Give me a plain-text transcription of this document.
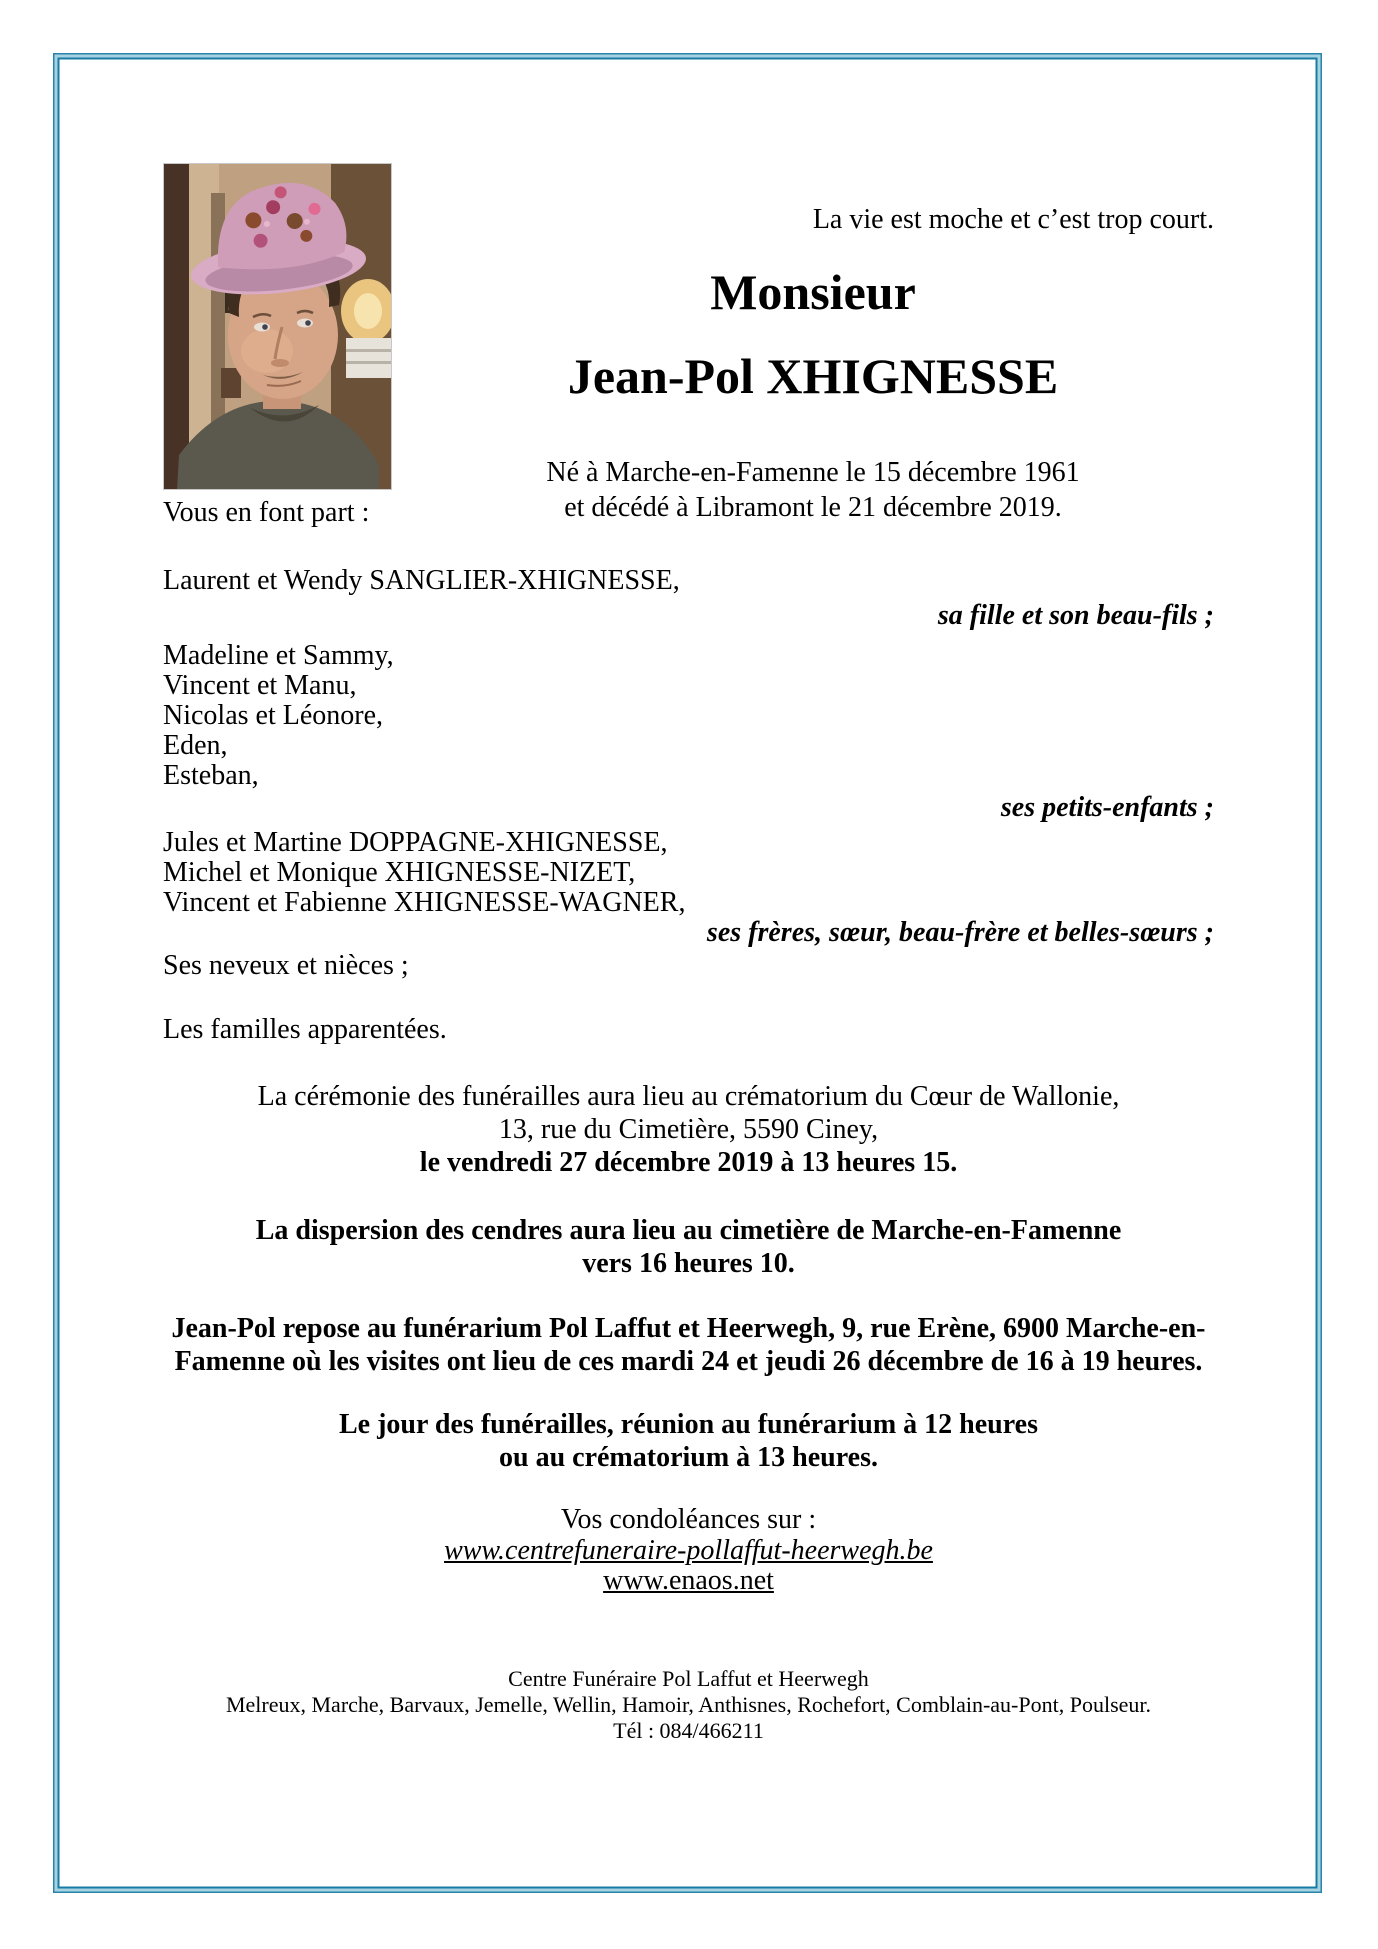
La vie est moche et c’est trop court.
Monsieur
Jean-Pol XHIGNESSE
Né à Marche-en-Famenne le 15 décembre 1961
et décédé à Libramont le 21 décembre 2019.
Vous en font part :
Laurent et Wendy SANGLIER-XHIGNESSE,
sa fille et son beau-fils ;
Madeline et Sammy,
Vincent et Manu,
Nicolas et Léonore,
Eden,
Esteban,
ses petits-enfants ;
Jules et Martine DOPPAGNE-XHIGNESSE,
Michel et Monique XHIGNESSE-NIZET,
Vincent et Fabienne XHIGNESSE-WAGNER,
ses frères, sœur, beau-frère et belles-sœurs ;
Ses neveux et nièces ;
Les familles apparentées.
La cérémonie des funérailles aura lieu au crématorium du Cœur de Wallonie,
13, rue du Cimetière, 5590 Ciney,
le vendredi 27 décembre 2019 à 13 heures 15.
La dispersion des cendres aura lieu au cimetière de Marche-en-Famenne
vers 16 heures 10.
Jean-Pol repose au funérarium Pol Laffut et Heerwegh, 9, rue Erène, 6900 Marche-en-
Famenne où les visites ont lieu de ces mardi 24 et jeudi 26 décembre de 16 à 19 heures.
Le jour des funérailles, réunion au funérarium à 12 heures
ou au crématorium à 13 heures.
Vos condoléances sur :
www.centrefuneraire-pollaffut-heerwegh.be
www.enaos.net
Centre Funéraire Pol Laffut et Heerwegh
Melreux, Marche, Barvaux, Jemelle, Wellin, Hamoir, Anthisnes, Rochefort, Comblain-au-Pont, Poulseur.
Tél : 084/466211
